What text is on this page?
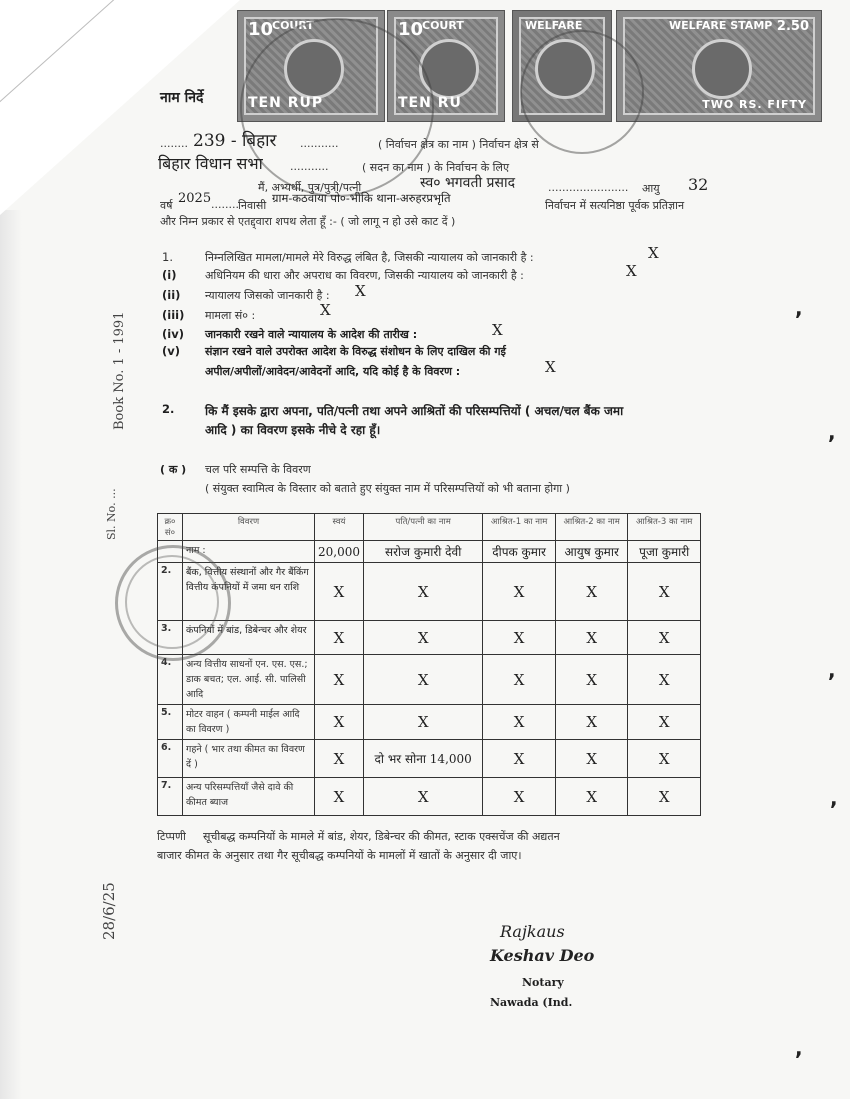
10
COURT
TEN RUP
10
COURT
TEN RU
WELFARE	WELFARE STAMP 2.50
TWO RS. FIFTY
नाम निर्दे
........ 239 - बिहार ...........	( निर्वाचन क्षेत्र का नाम ) निर्वाचन क्षेत्र से
बिहार विधान सभा ...........	( सदन का नाम ) के निर्वाचन के लिए
मैं, अभ्यर्थी, पुत्र/पुत्री/पत्नी	स्व० भगवती प्रसाद	....................... आयु 32
वर्ष 2025 ........ निवासी
ग्राम-कठवाया पो०-भीकि थाना-अरुहरप्रभृति
निर्वाचन में सत्यनिष्ठा पूर्वक प्रतिज्ञान
और निम्न प्रकार से एतद्द्वारा शपथ लेता हूँ :- ( जो लागू न हो उसे काट दें )
1.	निम्नलिखित मामला/मामले मेरे विरुद्ध लंबित है, जिसकी न्यायालय को जानकारी है :	X
(i)	अधिनियम की धारा और अपराध का विवरण, जिसकी न्यायालय को जानकारी है :	X
(ii) न्यायालय जिसको जानकारी है : X
(iii) मामला सं० :	X
(iv) जानकारी रखने वाले न्यायालय के आदेश की तारीख :	X
(v) संज्ञान रखने वाले उपरोक्त आदेश के विरुद्ध संशोधन के लिए दाखिल की गई
अपील/अपीलों/आवेदन/आवेदनों आदि, यदि कोई है के विवरण :	X
2.	कि मैं इसके द्वारा अपना, पति/पत्नी तथा अपने आश्रितों की परिसम्पत्तियों ( अचल/चल बैंक जमा
आदि ) का विवरण इसके नीचे दे रहा हूँ।
( क ) चल परि सम्पत्ति के विवरण
( संयुक्त स्वामित्व के विस्तार को बताते हुए संयुक्त नाम में परिसम्पत्तियों को भी बताना होगा )
क्र० सं०	विवरण	स्वयं	पति/पत्नी का नाम	आश्रित-1 का नाम	आश्रित-2 का नाम	आश्रित-3 का नाम
	नाम :	20,000	सरोज कुमारी देवी	दीपक कुमार	आयुष कुमार	पूजा कुमारी
2.	बैंक, वित्तीय संस्थानों और गैर बैंकिंग वित्तीय कंपनियों में जमा धन राशि	X	X	X	X	X
3.	कंपनियों में बांड, डिबेन्चर और शेयर	X	X	X	X	X
4.	अन्य वित्तीय साधनों एन. एस. एस.; डाक बचत; एल. आई. सी. पालिसी आदि	X	X	X	X	X
5.	मोटर वाहन ( कम्पनी माईल आदि का विवरण )	X	X	X	X	X
6.	गहने ( भार तथा कीमत का विवरण दें )	X	दो भर सोना 14,000	X	X	X
7.	अन्य परिसम्पत्तियाँ जैसे दावे की कीमत ब्याज	X	X	X	X	X
टिप्पणी सूचीबद्ध कम्पनियों के मामले में बांड, शेयर, डिबेन्चर की कीमत, स्टाक एक्सचेंज की अद्यतन
बाजार कीमत के अनुसार तथा गैर सूचीबद्ध कम्पनियों के मामलों में खातों के अनुसार दी जाए।
Rajkaus
Keshav Deo
Notary
Nawada (Ind.
Book No. 1 - 1991
Sl. No. ...
28/6/25
,
,
,
,
,
